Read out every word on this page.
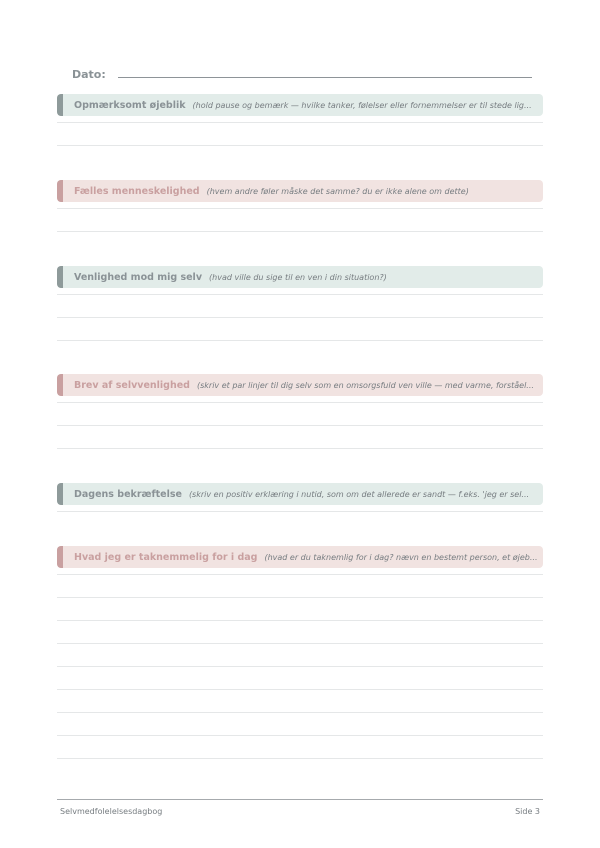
Dato:
Opmærksomt øjeblik (hold pause og bemærk — hvilke tanker, følelser eller fornemmelser er til stede lig...
Fælles menneskelighed (hvem andre føler måske det samme? du er ikke alene om dette)
Venlighed mod mig selv (hvad ville du sige til en ven i din situation?)
Brev af selvvenlighed (skriv et par linjer til dig selv som en omsorgsfuld ven ville — med varme, forståel...
Dagens bekræftelse (skriv en positiv erklæring i nutid, som om det allerede er sandt — f.eks. 'jeg er sel...
Hvad jeg er taknemmelig for i dag (hvad er du taknemlig for i dag? nævn en bestemt person, et øjeb...
Selvmedfolelelsesdagbog	Side 3
